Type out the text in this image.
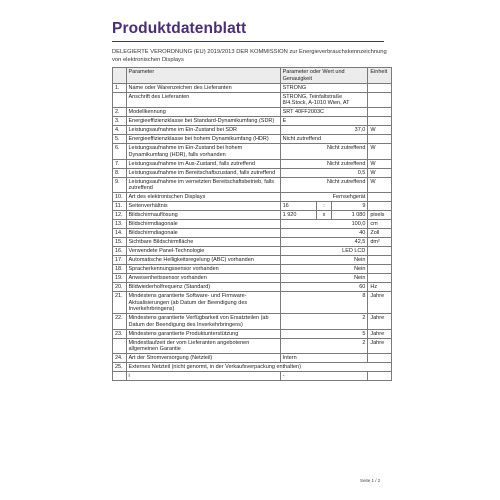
Produktdatenblatt
DELEGIERTE VERORDNUNG (EU) 2019/2013 DER KOMMISSION zur Energieverbrauchskennzeichnung von elektronischen Displays
	Parameter	Parameter oder Wert und Genauigkeit	Einheit
1.	Name oder Warenzeichen des Lieferanten	STRONG	
	Anschrift des Lieferanten	STRONG, Teinfaltstraße 8/4.Stock, A-1010 Wien, AT	
2.	Modellkennung	SRT 40FF2003C	
3.	Energieeffizienzklasse bei Standard-Dynamikumfang (SDR)	E	
4.	Leistungsaufnahme im Ein-Zustand bei SDR	37,0	W
5.	Energieeffizienzklasse bei hohem Dynamikumfang (HDR)	Nicht zutreffend	
6.	Leistungsaufnahme im Ein-Zustand bei hohem Dynamikumfang (HDR), falls vorhanden	Nicht zutreffend	W
7.	Leistungsaufnahme im Aus-Zustand, falls zutreffend	Nicht zutreffend	W
8.	Leistungsaufnahme im Bereitschaftszustand, falls zutreffend	0,5	W
9.	Leistungsaufnahme im vernetzten Bereitschaftsbetrieb, falls zutreffend	Nicht zutreffend	W
10.	Art des elektronischen Displays	Fernsehgerät	
11.	Seitenverhältnis	16 : 9	

12.	Bildschirmauflösung	1 920 x 1 080	pixels
13.	Bildschirmdiagonale	100,0	cm
14.	Bildschirmdiagonale	40	Zoll
15.	Sichtbare Bildschirmfläche	42,5	dm²
16.	Verwendete Panel-Technologie	LED LCD	
17.	Automatische Helligkeitsregelung (ABC) vorhanden	Nein	
18.	Spracherkennungssensor vorhanden	Nein	
19.	Anwesenheitssensor vorhanden	Nein	
20.	Bildwiederholfrequenz (Standard)	60	Hz
21.	Mindestens garantierte Software- und Firmware-Aktualisierungen (ab Datum der Beendigung des Inverkehrbringens)	8	Jahre
22.	Mindestens garantierte Verfügbarkeit von Ersatzteilen (ab Datum der Beendigung des Inverkehrbringens)	2	Jahre
23.	Mindestens garantierte Produktunterstützung	5	Jahre
	Mindestlaufzeit der vom Lieferanten angebotenen allgemeinen Garantie	2	Jahre
24.	Art der Stromversorgung (Netzteil)	Intern	
25.	Externes Netzteil (nicht genormt, in der Verkaufsverpackung enthalten)		
	i	-	
Seite 1 / 2
